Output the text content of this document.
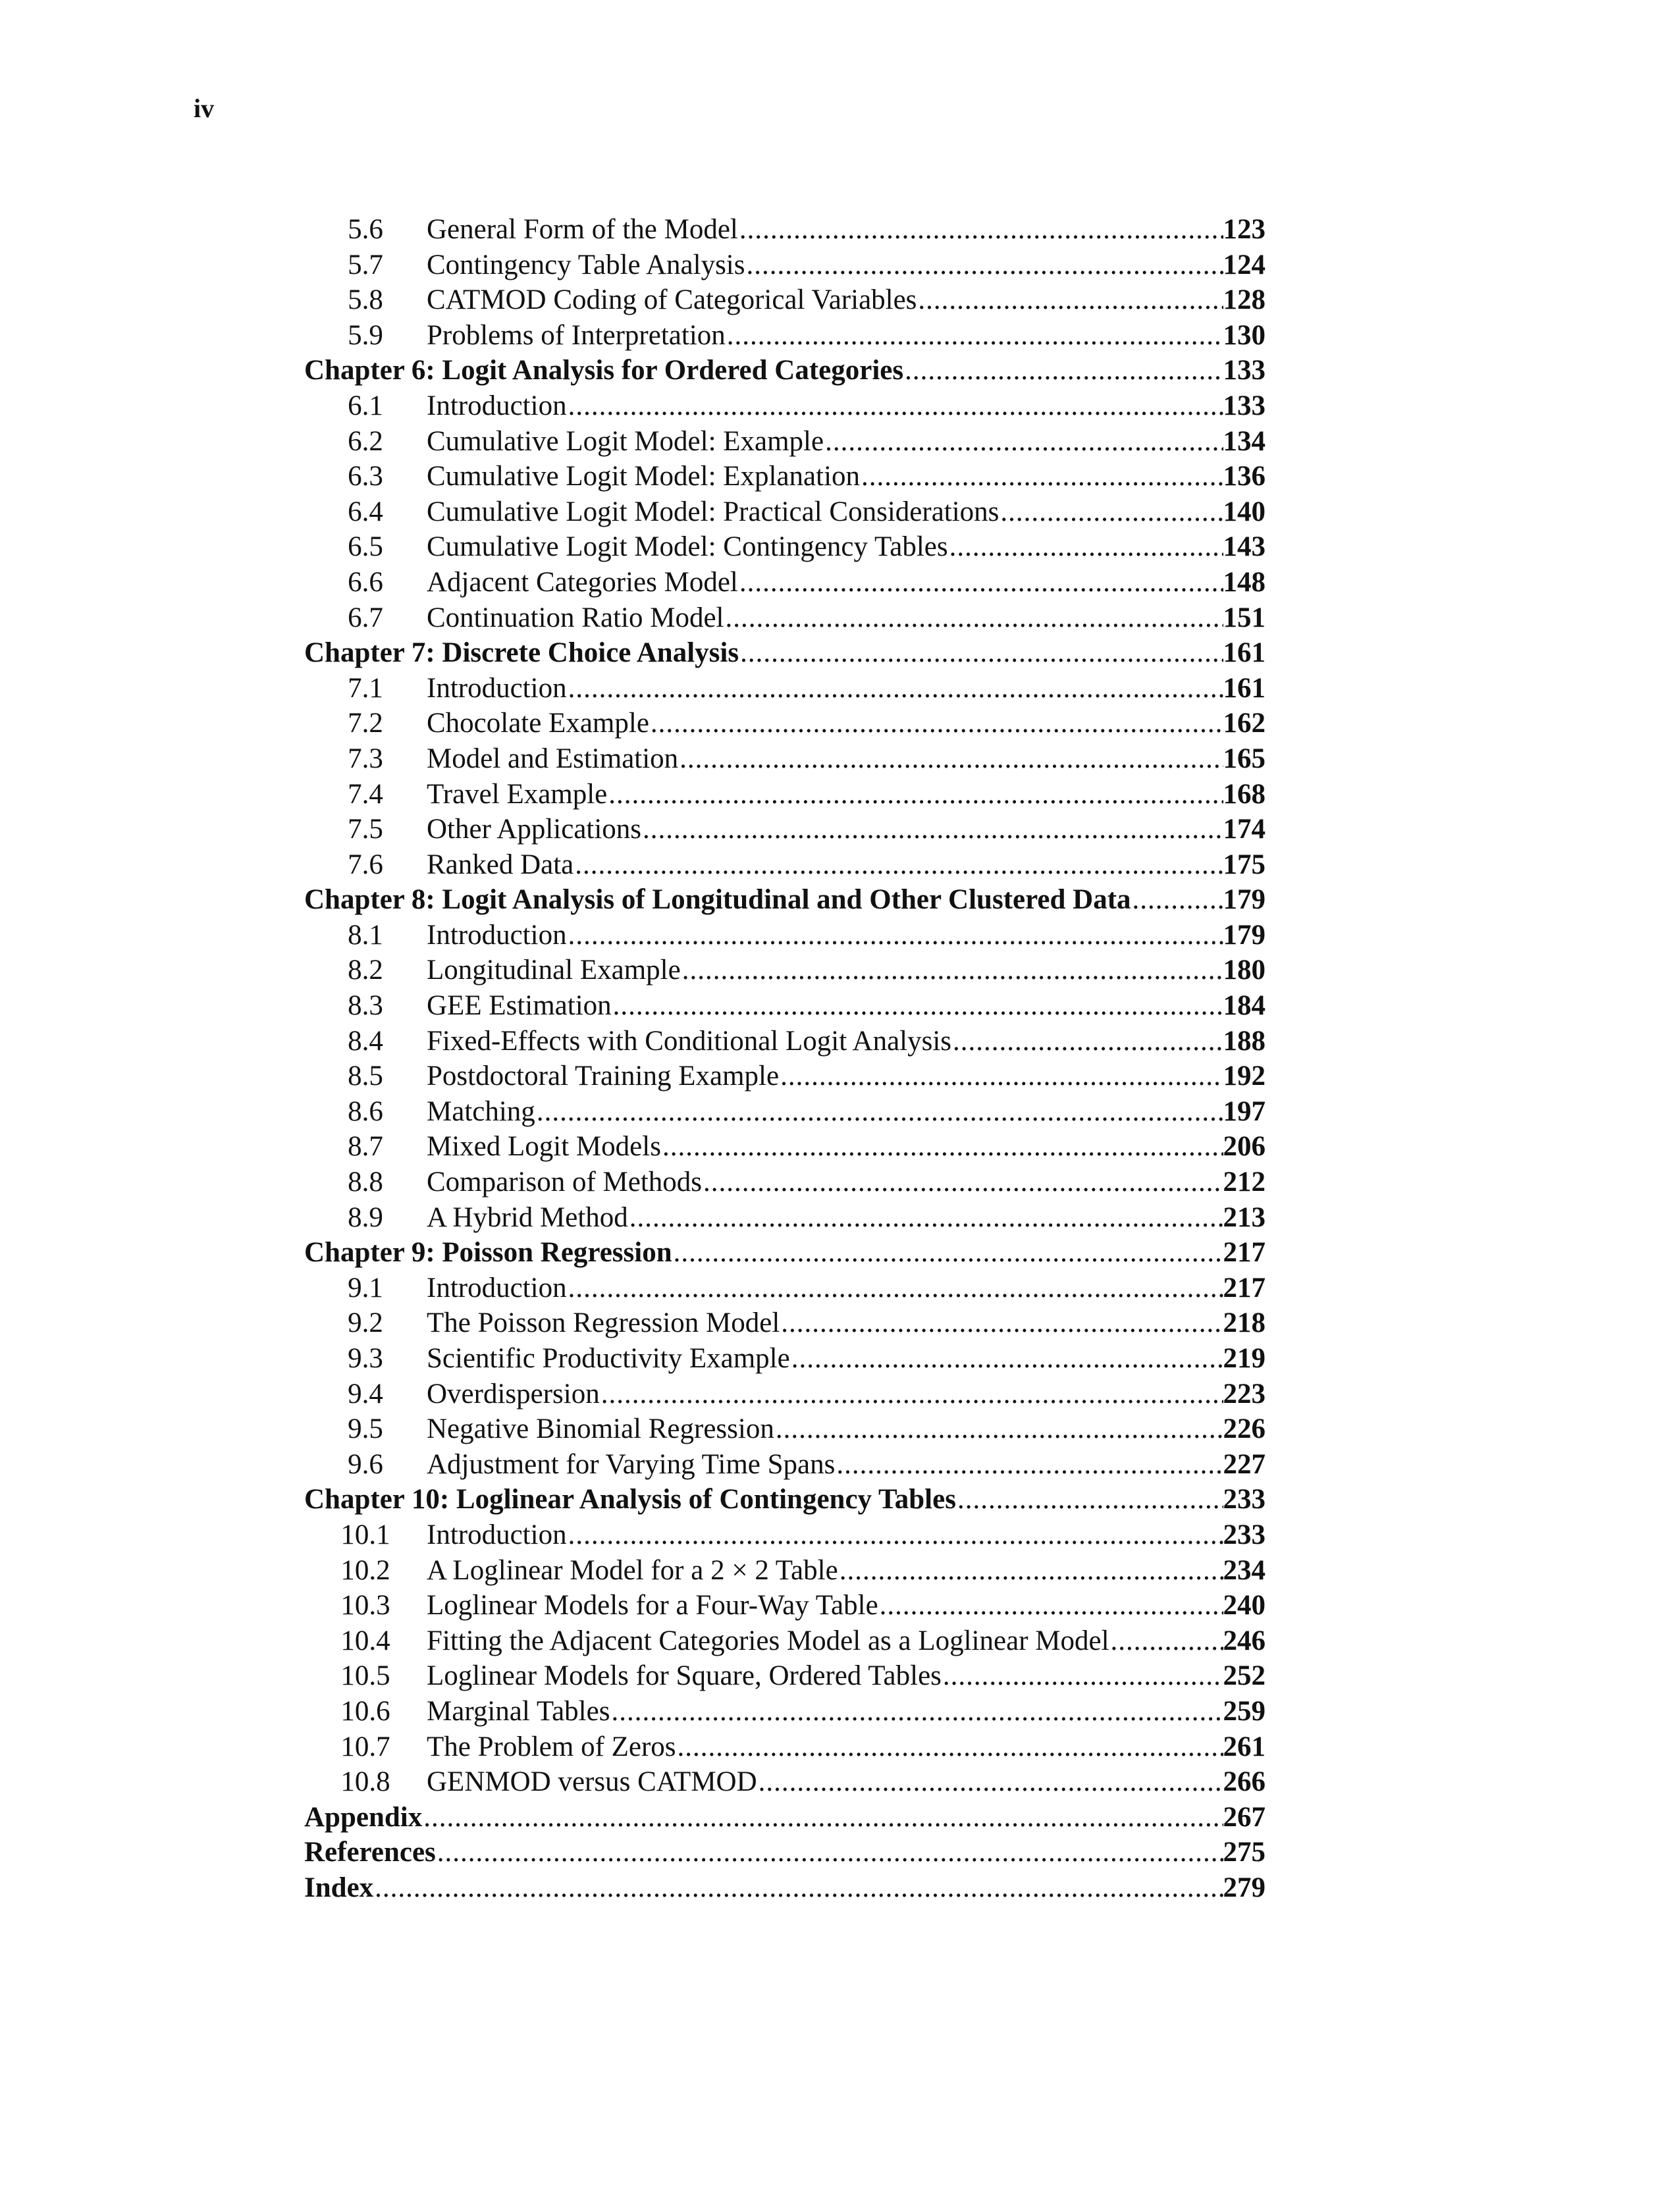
iv
5.6	General Form of the Model .....	123
5.7	Contingency Table Analysis .....	124
5.8	CATMOD Coding of Categorical Variables .....	128
5.9	Problems of Interpretation .....	130
Chapter 6: Logit Analysis for Ordered Categories .....	133
6.1	Introduction .....	133
6.2	Cumulative Logit Model: Example .....	134
6.3	Cumulative Logit Model: Explanation .....	136
6.4	Cumulative Logit Model: Practical Considerations .....	140
6.5	Cumulative Logit Model: Contingency Tables .....	143
6.6	Adjacent Categories Model .....	148
6.7	Continuation Ratio Model .....	151
Chapter 7: Discrete Choice Analysis .....	161
7.1	Introduction .....	161
7.2	Chocolate Example .....	162
7.3	Model and Estimation .....	165
7.4	Travel Example .....	168
7.5	Other Applications .....	174
7.6	Ranked Data .....	175
Chapter 8: Logit Analysis of Longitudinal and Other Clustered Data .....	179
8.1	Introduction .....	179
8.2	Longitudinal Example .....	180
8.3	GEE Estimation .....	184
8.4	Fixed-Effects with Conditional Logit Analysis .....	188
8.5	Postdoctoral Training Example .....	192
8.6	Matching .....	197
8.7	Mixed Logit Models .....	206
8.8	Comparison of Methods .....	212
8.9	A Hybrid Method .....	213
Chapter 9: Poisson Regression .....	217
9.1	Introduction .....	217
9.2	The Poisson Regression Model .....	218
9.3	Scientific Productivity Example .....	219
9.4	Overdispersion .....	223
9.5	Negative Binomial Regression .....	226
9.6	Adjustment for Varying Time Spans .....	227
Chapter 10: Loglinear Analysis of Contingency Tables .....	233
10.1	Introduction .....	233
10.2	A Loglinear Model for a 2 × 2 Table .....	234
10.3	Loglinear Models for a Four-Way Table .....	240
10.4	Fitting the Adjacent Categories Model as a Loglinear Model .....	246
10.5	Loglinear Models for Square, Ordered Tables .....	252
10.6	Marginal Tables .....	259
10.7	The Problem of Zeros .....	261
10.8	GENMOD versus CATMOD .....	266
Appendix .....	267
References .....	275
Index .....	279
